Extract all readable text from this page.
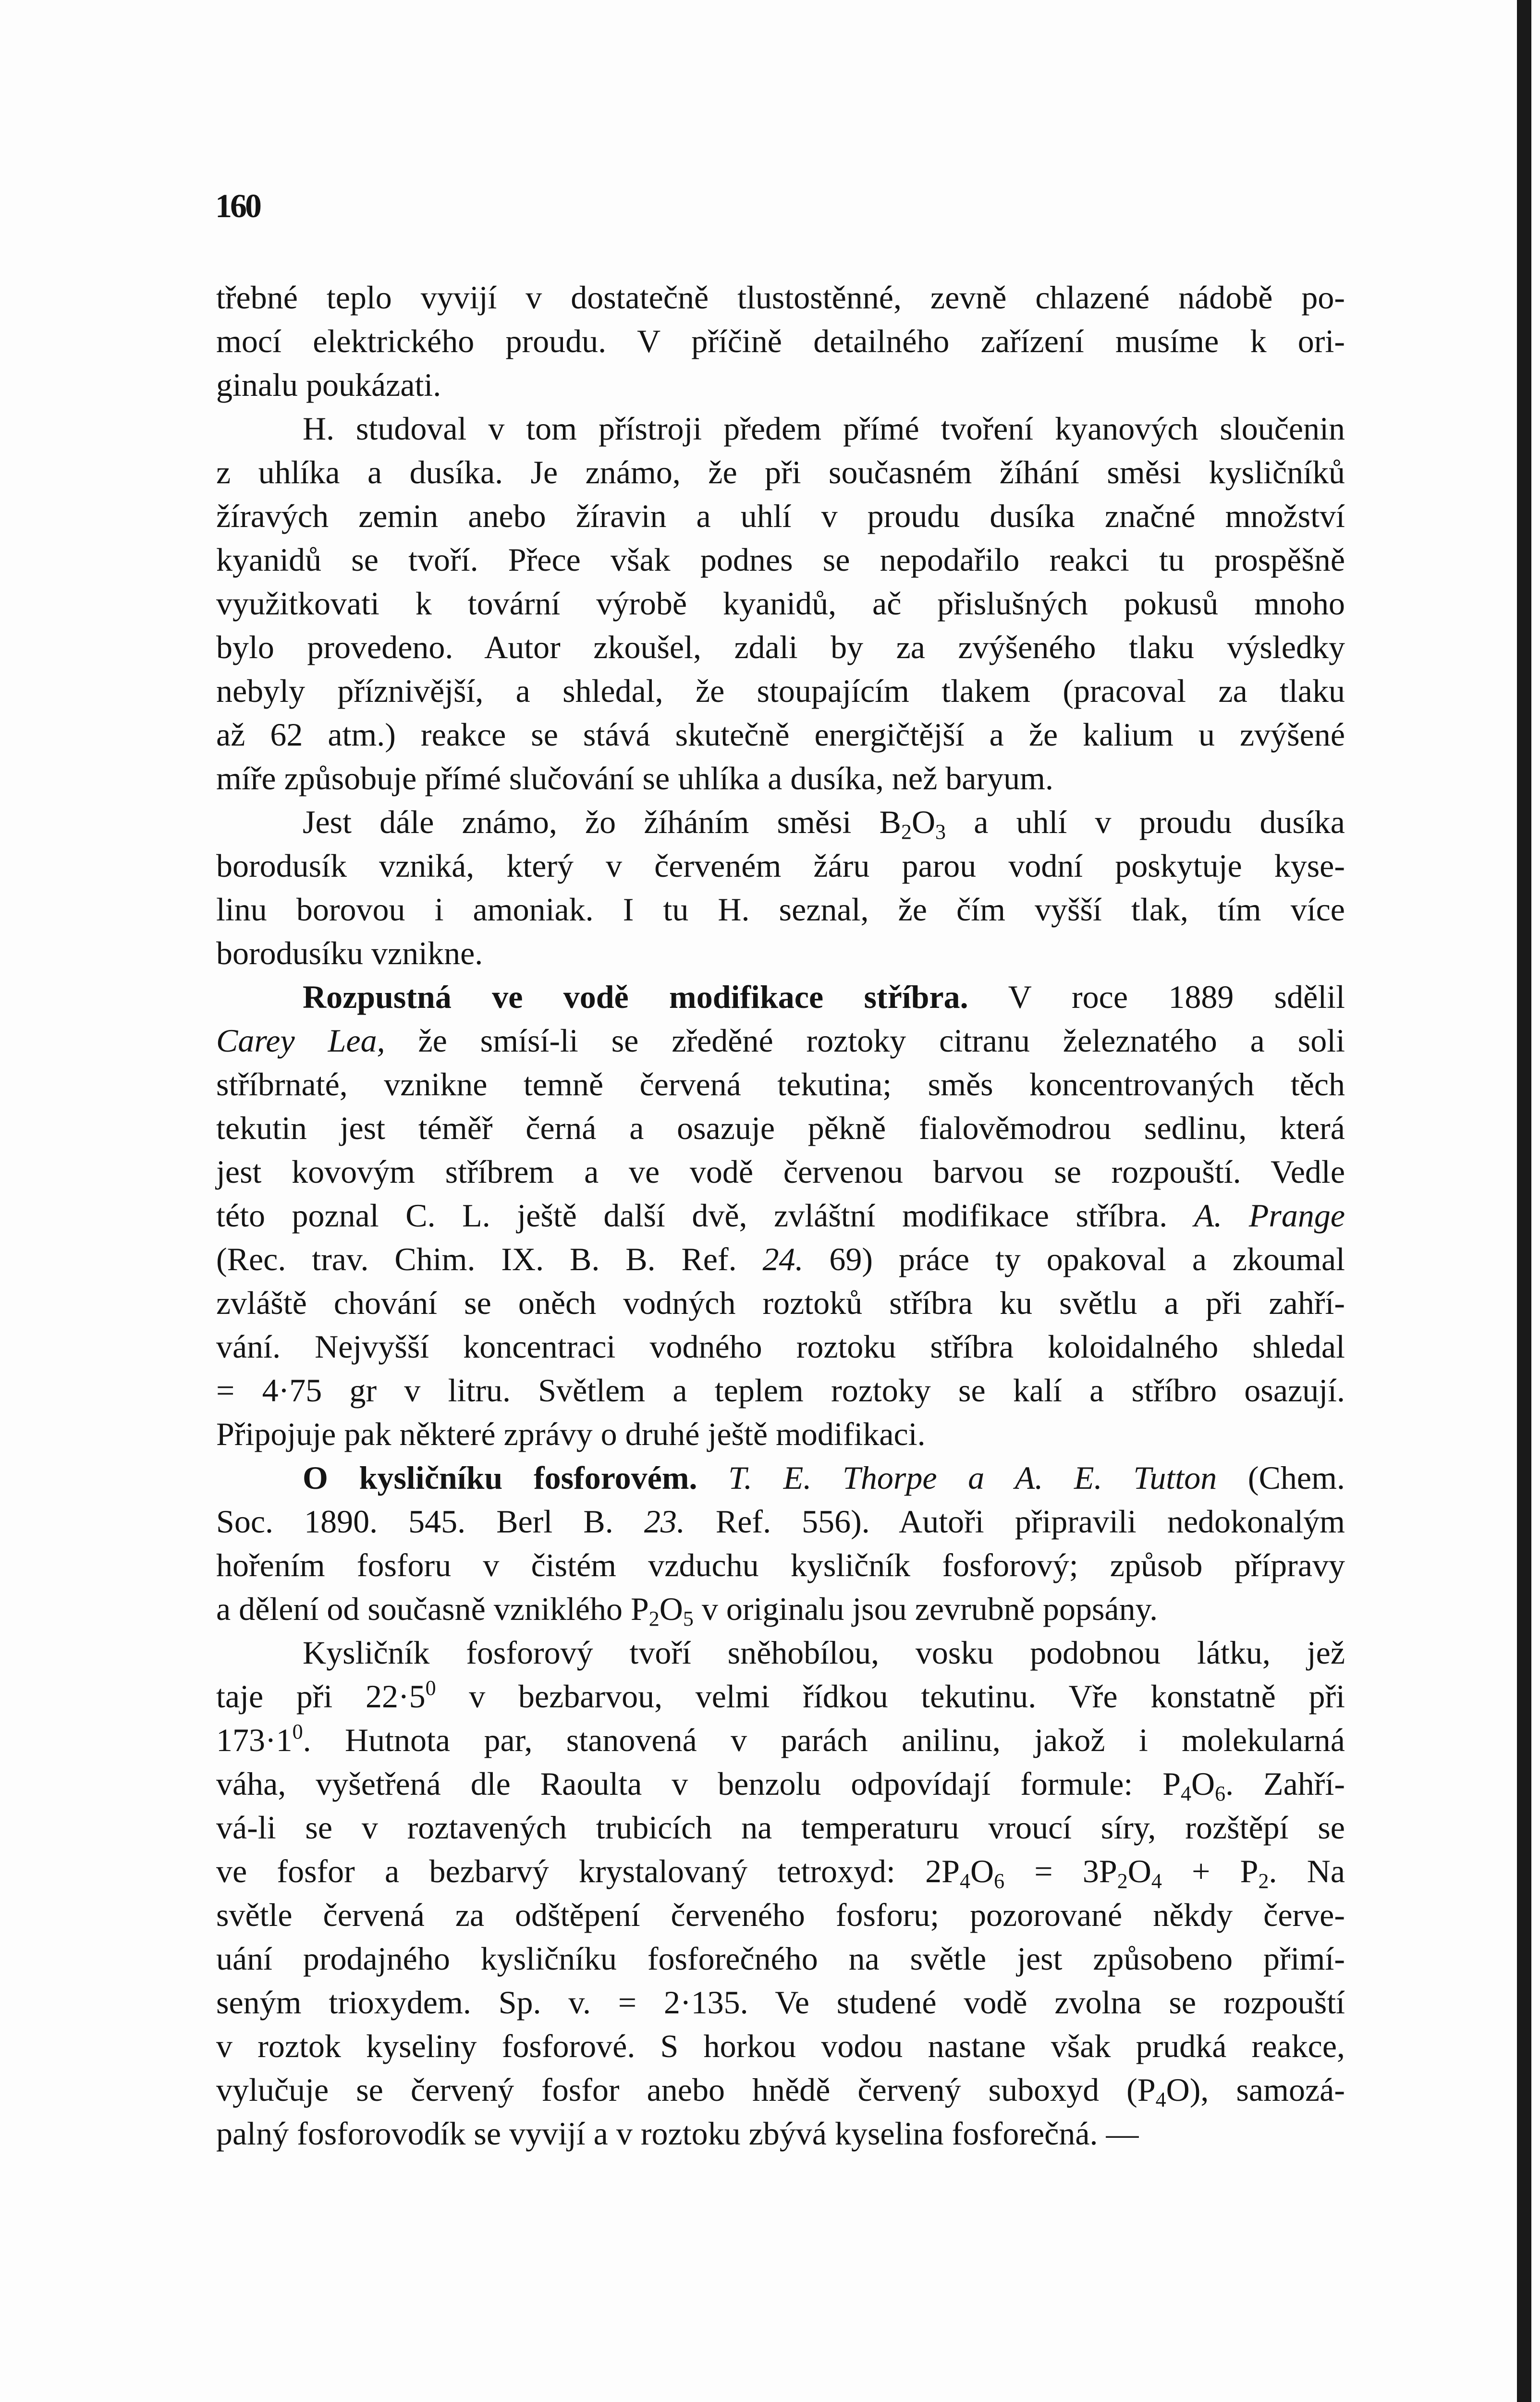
160
třebné teplo vyvijí v dostatečně tlustostěnné, zevně chlazené nádobě po-
mocí elektrického proudu. V příčině detailného zařízení musíme k ori-
ginalu poukázati.
H. studoval v tom přístroji předem přímé tvoření kyanových sloučenin
z uhlíka a dusíka. Je známo, že při současném žíhání směsi kysličníků
žíravých zemin anebo žíravin a uhlí v proudu dusíka značné množství
kyanidů se tvoří. Přece však podnes se nepodařilo reakci tu prospěšně
využitkovati k tovární výrobě kyanidů, ač přislušných pokusů mnoho
bylo provedeno. Autor zkoušel, zdali by za zvýšeného tlaku výsledky
nebyly příznivější, a shledal, že stoupajícím tlakem (pracoval za tlaku
až 62 atm.) reakce se stává skutečně energičtější a že kalium u zvýšené
míře způsobuje přímé slučování se uhlíka a dusíka, než baryum.
Jest dále známo, žo žíháním směsi $B_2O_3$ a uhlí v proudu dusíka
borodusík vzniká, který v červeném žáru parou vodní poskytuje kyse-
linu borovou i amoniak. I tu H. seznal, že čím vyšší tlak, tím více
borodusíku vznikne.
Rozpustná ve vodě modifikace stříbra. V roce 1889 sdělil
Carey Lea, že smísí-li se zředěné roztoky citranu železnatého a soli
stříbrnaté, vznikne temně červená tekutina; směs koncentrovaných těch
tekutin jest téměř černá a osazuje pěkně fialověmodrou sedlinu, která
jest kovovým stříbrem a ve vodě červenou barvou se rozpouští. Vedle
této poznal C. L. ještě další dvě, zvláštní modifikace stříbra. A. Prange
(Rec. trav. Chim. IX. B. B. Ref. 24. 69) práce ty opakoval a zkoumal
zvláště chování se oněch vodných roztoků stříbra ku světlu a při zahří-
vání. Nejvyšší koncentraci vodného roztoku stříbra koloidalného shledal
= 4·75 gr v litru. Světlem a teplem roztoky se kalí a stříbro osazují.
Připojuje pak některé zprávy o druhé ještě modifikaci.
O kysličníku fosforovém. T. E. Thorpe a A. E. Tutton (Chem.
Soc. 1890. 545. Berl B. 23. Ref. 556). Autoři připravili nedokonalým
hořením fosforu v čistém vzduchu kysličník fosforový; způsob přípravy
a dělení od současně vzniklého $P_2O_5$ v originalu jsou zevrubně popsány.
Kysličník fosforový tvoří sněhobílou, vosku podobnou látku, jež
taje při $22\cdot 5^0$ v bezbarvou, velmi řídkou tekutinu. Vře konstatně při
$173\cdot 1^0$. Hutnota par, stanovená v parách anilinu, jakož i molekularná
váha, vyšetřená dle Raoulta v benzolu odpovídají formule: $P_4O_6$. Zahří-
vá-li se v roztavených trubicích na temperaturu vroucí síry, rozštěpí se
ve fosfor a bezbarvý krystalovaný tetroxyd: $2P_4O_6 = 3P_2O_4 + P_2$. Na
světle červená za odštěpení červeného fosforu; pozorované někdy červe-
uání prodajného kysličníku fosforečného na světle jest způsobeno přimí-
seným trioxydem. Sp. v. = 2·135. Ve studené vodě zvolna se rozpouští
v roztok kyseliny fosforové. S horkou vodou nastane však prudká reakce,
vylučuje se červený fosfor anebo hnědě červený suboxyd $(P_4O)$, samozá-
palný fosforovodík se vyvijí a v roztoku zbývá kyselina fosforečná. —
